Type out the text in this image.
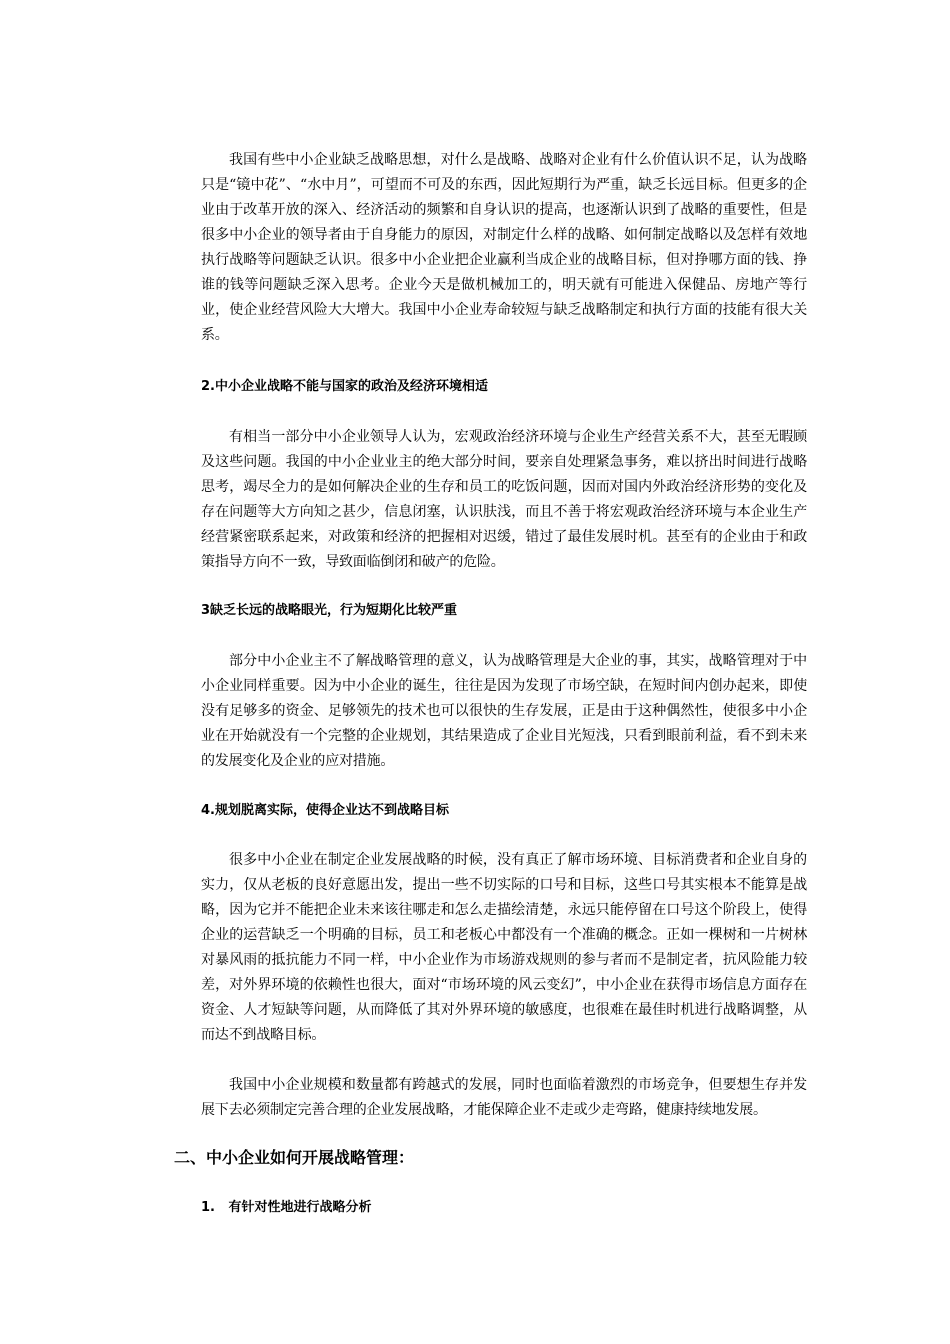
我国有些中小企业缺乏战略思想，对什么是战略、战略对企业有什么价值认识不足，认为战略只是“镜中花”、“水中月”，可望而不可及的东西，因此短期行为严重，缺乏长远目标。但更多的企业由于改革开放的深入、经济活动的频繁和自身认识的提高，也逐渐认识到了战略的重要性，但是很多中小企业的领导者由于自身能力的原因，对制定什么样的战略、如何制定战略以及怎样有效地执行战略等问题缺乏认识。很多中小企业把企业赢利当成企业的战略目标，但对挣哪方面的钱、挣谁的钱等问题缺乏深入思考。企业今天是做机械加工的，明天就有可能进入保健品、房地产等行业，使企业经营风险大大增大。我国中小企业寿命较短与缺乏战略制定和执行方面的技能有很大关系。

2.中小企业战略不能与国家的政治及经济环境相适

有相当一部分中小企业领导人认为，宏观政治经济环境与企业生产经营关系不大，甚至无暇顾及这些问题。我国的中小企业业主的绝大部分时间，要亲自处理紧急事务，难以挤出时间进行战略思考，竭尽全力的是如何解决企业的生存和员工的吃饭问题，因而对国内外政治经济形势的变化及存在问题等大方向知之甚少，信息闭塞，认识肤浅，而且不善于将宏观政治经济环境与本企业生产经营紧密联系起来，对政策和经济的把握相对迟缓，错过了最佳发展时机。甚至有的企业由于和政策指导方向不一致，导致面临倒闭和破产的危险。

3缺乏长远的战略眼光，行为短期化比较严重

部分中小企业主不了解战略管理的意义，认为战略管理是大企业的事，其实，战略管理对于中小企业同样重要。因为中小企业的诞生，往往是因为发现了市场空缺，在短时间内创办起来，即使没有足够多的资金、足够领先的技术也可以很快的生存发展，正是由于这种偶然性，使很多中小企业在开始就没有一个完整的企业规划，其结果造成了企业目光短浅，只看到眼前利益，看不到未来的发展变化及企业的应对措施。

4.规划脱离实际，使得企业达不到战略目标

很多中小企业在制定企业发展战略的时候，没有真正了解市场环境、目标消费者和企业自身的实力，仅从老板的良好意愿出发，提出一些不切实际的口号和目标，这些口号其实根本不能算是战略，因为它并不能把企业未来该往哪走和怎么走描绘清楚，永远只能停留在口号这个阶段上，使得企业的运营缺乏一个明确的目标，员工和老板心中都没有一个准确的概念。正如一棵树和一片树林对暴风雨的抵抗能力不同一样，中小企业作为市场游戏规则的参与者而不是制定者，抗风险能力较差，对外界环境的依赖性也很大，面对“市场环境的风云变幻”，中小企业在获得市场信息方面存在资金、人才短缺等问题，从而降低了其对外界环境的敏感度，也很难在最佳时机进行战略调整，从而达不到战略目标。

我国中小企业规模和数量都有跨越式的发展，同时也面临着激烈的市场竞争，但要想生存并发展下去必须制定完善合理的企业发展战略，才能保障企业不走或少走弯路，健康持续地发展。

二、中小企业如何开展战略管理：

1.   有针对性地进行战略分析
